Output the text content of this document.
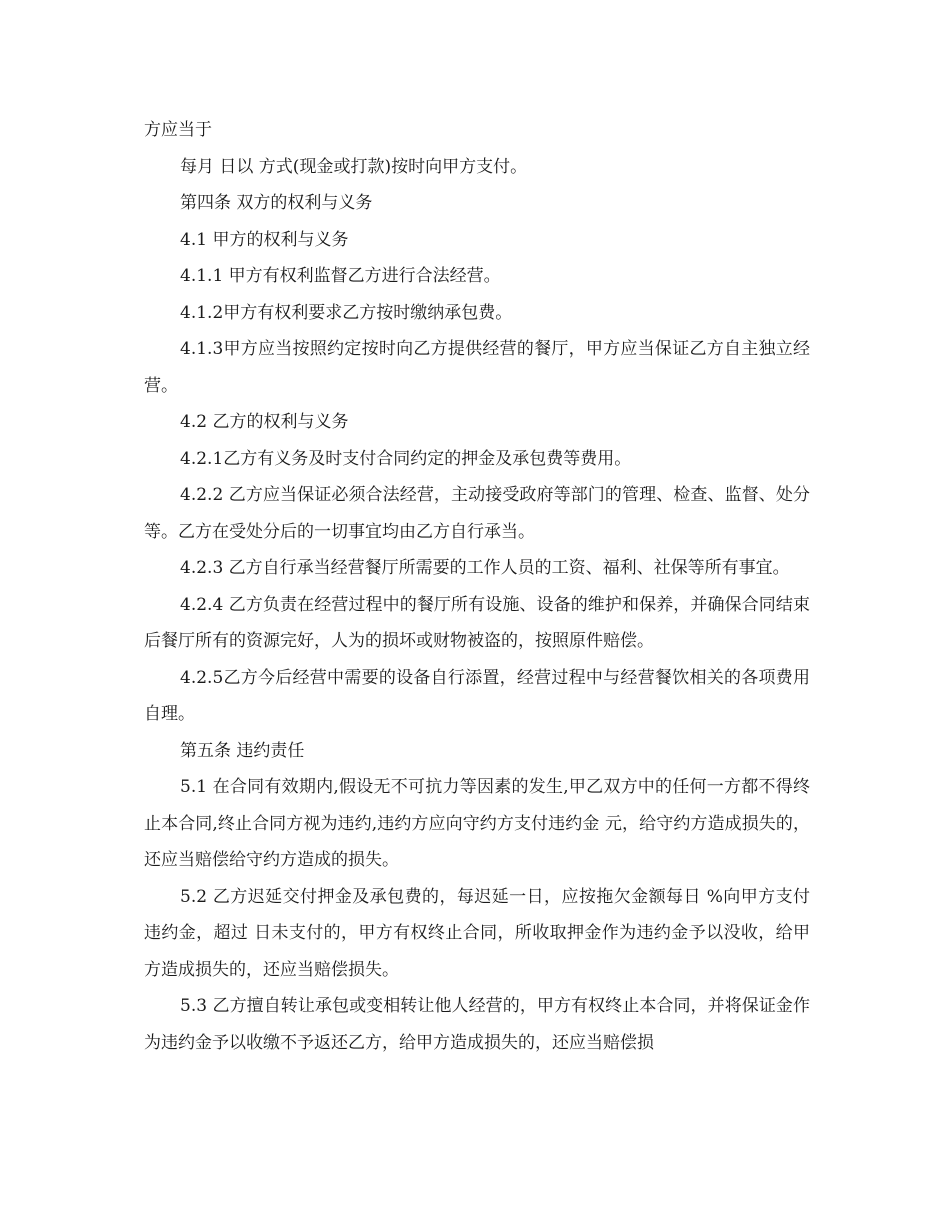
方应当于

每月 日以 方式(现金或打款)按时向甲方支付。

第四条 双方的权利与义务

4.1 甲方的权利与义务

4.1.1 甲方有权利监督乙方进行合法经营。

4.1.2甲方有权利要求乙方按时缴纳承包费。

4.1.3甲方应当按照约定按时向乙方提供经营的餐厅，甲方应当保证乙方自主独立经营。

4.2 乙方的权利与义务

4.2.1乙方有义务及时支付合同约定的押金及承包费等费用。

4.2.2 乙方应当保证必须合法经营，主动接受政府等部门的管理、检查、监督、处分等。乙方在受处分后的一切事宜均由乙方自行承当。

4.2.3 乙方自行承当经营餐厅所需要的工作人员的工资、福利、社保等所有事宜。

4.2.4 乙方负责在经营过程中的餐厅所有设施、设备的维护和保养，并确保合同结束后餐厅所有的资源完好，人为的损坏或财物被盗的，按照原件赔偿。

4.2.5乙方今后经营中需要的设备自行添置，经营过程中与经营餐饮相关的各项费用自理。

第五条 违约责任

5.1 在合同有效期内,假设无不可抗力等因素的发生,甲乙双方中的任何一方都不得终止本合同,终止合同方视为违约,违约方应向守约方支付违约金 元，给守约方造成损失的，还应当赔偿给守约方造成的损失。

5.2 乙方迟延交付押金及承包费的，每迟延一日，应按拖欠金额每日 %向甲方支付违约金，超过 日未支付的，甲方有权终止合同，所收取押金作为违约金予以没收，给甲方造成损失的，还应当赔偿损失。

5.3 乙方擅自转让承包或变相转让他人经营的，甲方有权终止本合同，并将保证金作为违约金予以收缴不予返还乙方，给甲方造成损失的，还应当赔偿损
